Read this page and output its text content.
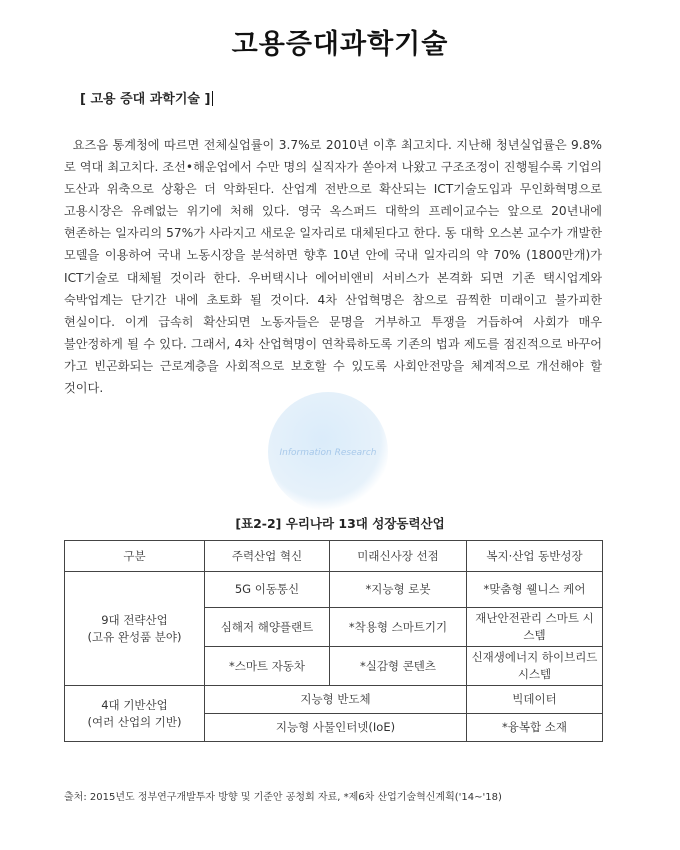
고용증대과학기술
[ 고용 증대 과학기술 ]
요즈음 통계청에 따르면 전체실업률이 3.7%로 2010년 이후 최고치다. 지난해 청년실업률은 9.8%로 역대 최고치다. 조선•해운업에서 수만 명의 실직자가 쏟아져 나왔고 구조조정이 진행될수록 기업의 도산과 위축으로 상황은 더 악화된다. 산업계 전반으로 확산되는 ICT기술도입과 무인화혁명으로 고용시장은 유례없는 위기에 처해 있다. 영국 옥스퍼드 대학의 프레이교수는 앞으로 20년내에 현존하는 일자리의 57%가 사라지고 새로운 일자리로 대체된다고 한다. 동 대학 오스본 교수가 개발한 모델을 이용하여 국내 노동시장을 분석하면 향후 10년 안에 국내 일자리의 약 70% (1800만개)가 ICT기술로 대체될 것이라 한다. 우버택시나 에어비앤비 서비스가 본격화 되면 기존 택시업계와 숙박업계는 단기간 내에 초토화 될 것이다. 4차 산업혁명은 참으로 끔찍한 미래이고 불가피한 현실이다. 이게 급속히 확산되면 노동자들은 문명을 거부하고 투쟁을 거듭하여 사회가 매우 불안정하게 될 수 있다. 그래서, 4차 산업혁명이 연착륙하도록 기존의 법과 제도를 점진적으로 바꾸어 가고 빈곤화되는 근로계층을 사회적으로 보호할 수 있도록 사회안전망을 체계적으로 개선해야 할 것이다.
Information Research
[표2-2] 우리나라 13대 성장동력산업
구분	주력산업 혁신	미래신사장 선점	복지·산업 동반성장

9대 전략산업
(고유 완성품 분야)	5G 이동통신	*지능형 로봇	*맞춤형 웰니스 케어
	심해저 해양플랜트	*착용형 스마트기기	재난안전관리 스마트 시스템
	*스마트 자동차	*실감형 콘텐츠	신재생에너지 하이브리드 시스템

4대 기반산업
(여러 산업의 기반)	지능형 반도체		빅데이터
	지능형 사물인터넷(IoE)		*융복합 소재
출처: 2015년도 정부연구개발투자 방향 및 기준안 공청회 자료, *제6차 산업기술혁신계획('14~'18)
